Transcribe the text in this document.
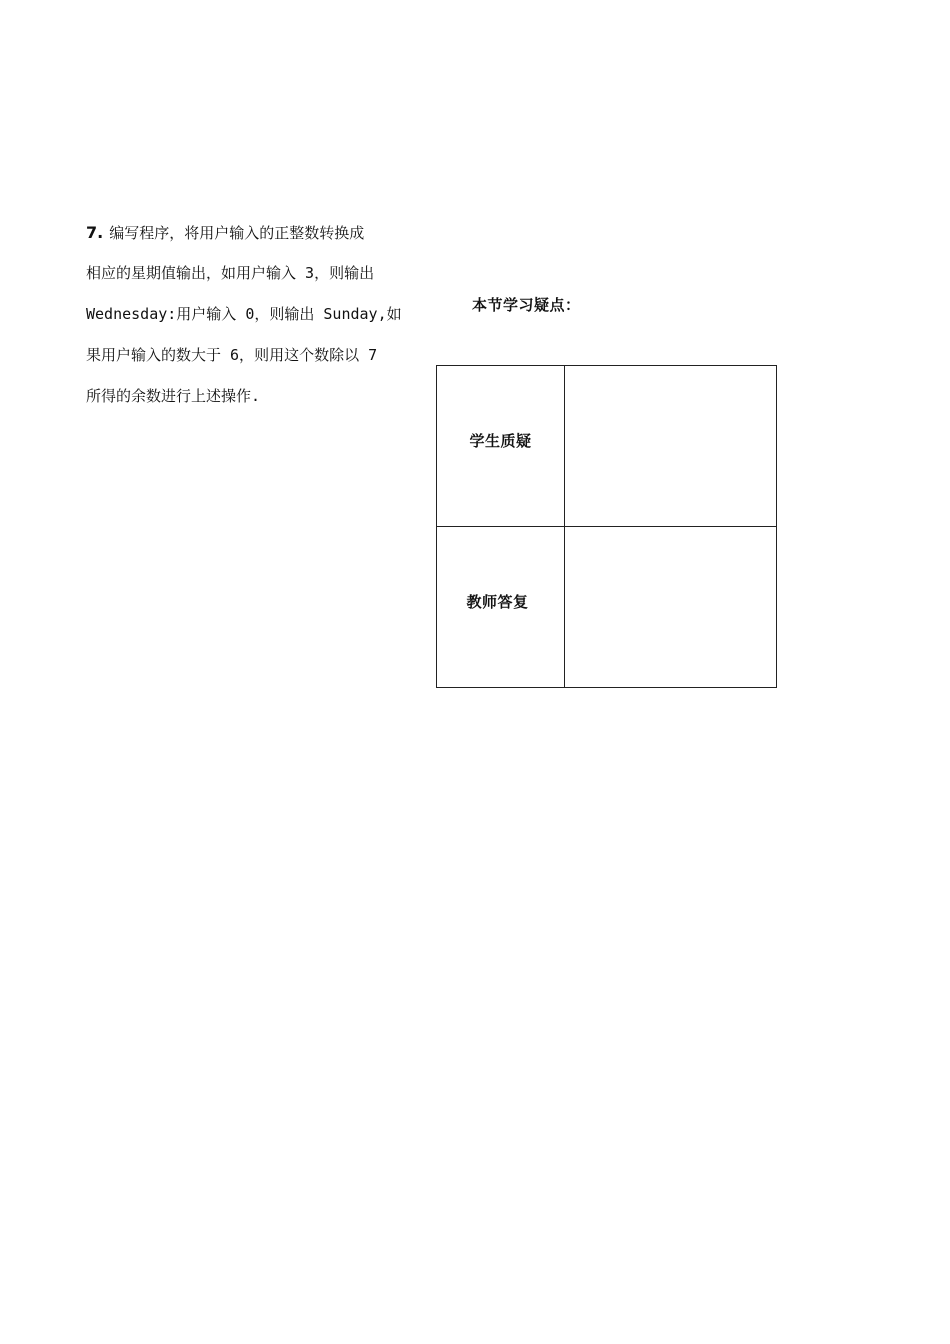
7. 编写程序，将用户输入的正整数转换成
相应的星期值输出，如用户输入 3，则输出
Wednesday:用户输入 0，则输出 Sunday,如
果用户输入的数大于 6，则用这个数除以 7
所得的余数进行上述操作.
本节学习疑点：
学生质疑	
教师答复	
